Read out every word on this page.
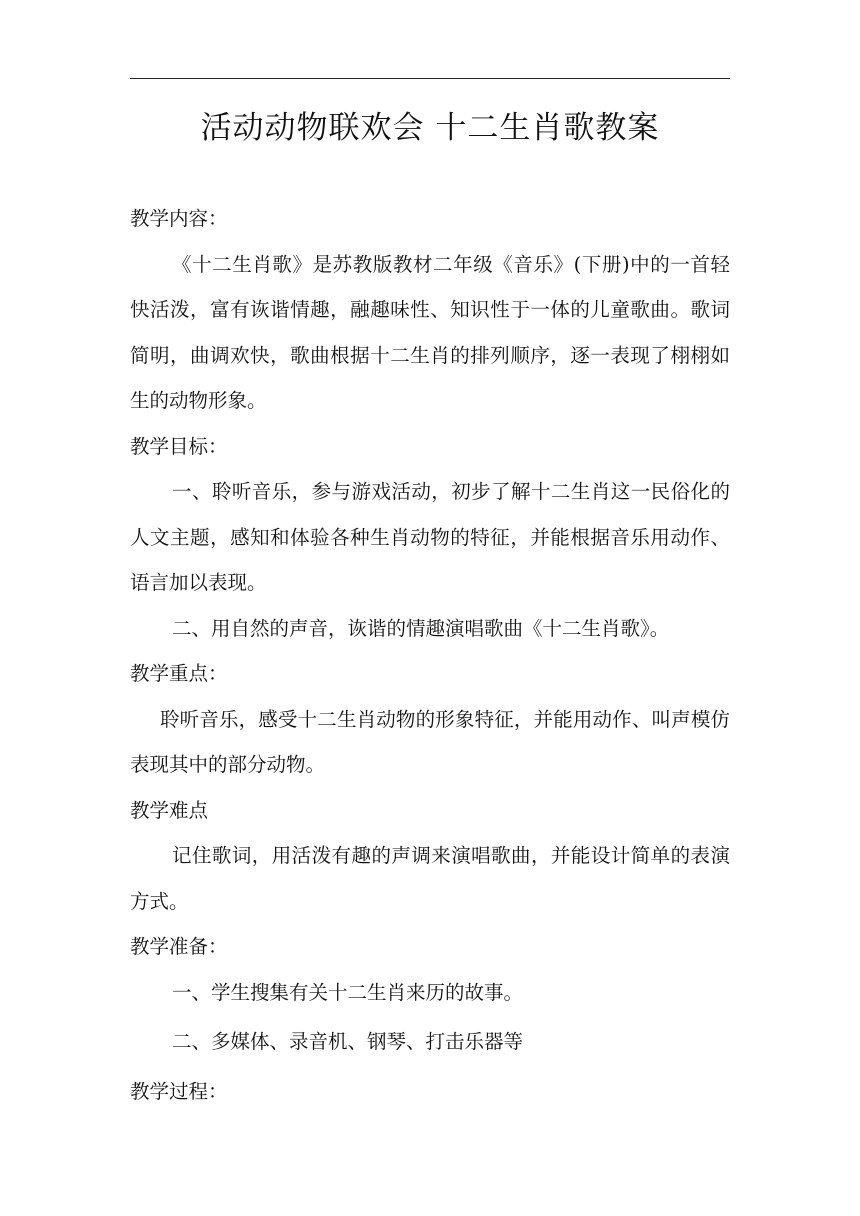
活动动物联欢会 十二生肖歌教案

教学内容：

《十二生肖歌》是苏教版教材二年级《音乐》(下册)中的一首轻快活泼，富有诙谐情趣，融趣味性、知识性于一体的儿童歌曲。歌词简明，曲调欢快，歌曲根据十二生肖的排列顺序，逐一表现了栩栩如生的动物形象。

教学目标：

一、聆听音乐，参与游戏活动，初步了解十二生肖这一民俗化的人文主题，感知和体验各种生肖动物的特征，并能根据音乐用动作、语言加以表现。

二、用自然的声音，诙谐的情趣演唱歌曲《十二生肖歌》。

教学重点：

聆听音乐，感受十二生肖动物的形象特征，并能用动作、叫声模仿表现其中的部分动物。

教学难点

记住歌词，用活泼有趣的声调来演唱歌曲，并能设计简单的表演方式。

教学准备：

一、学生搜集有关十二生肖来历的故事。

二、多媒体、录音机、钢琴、打击乐器等

教学过程：
